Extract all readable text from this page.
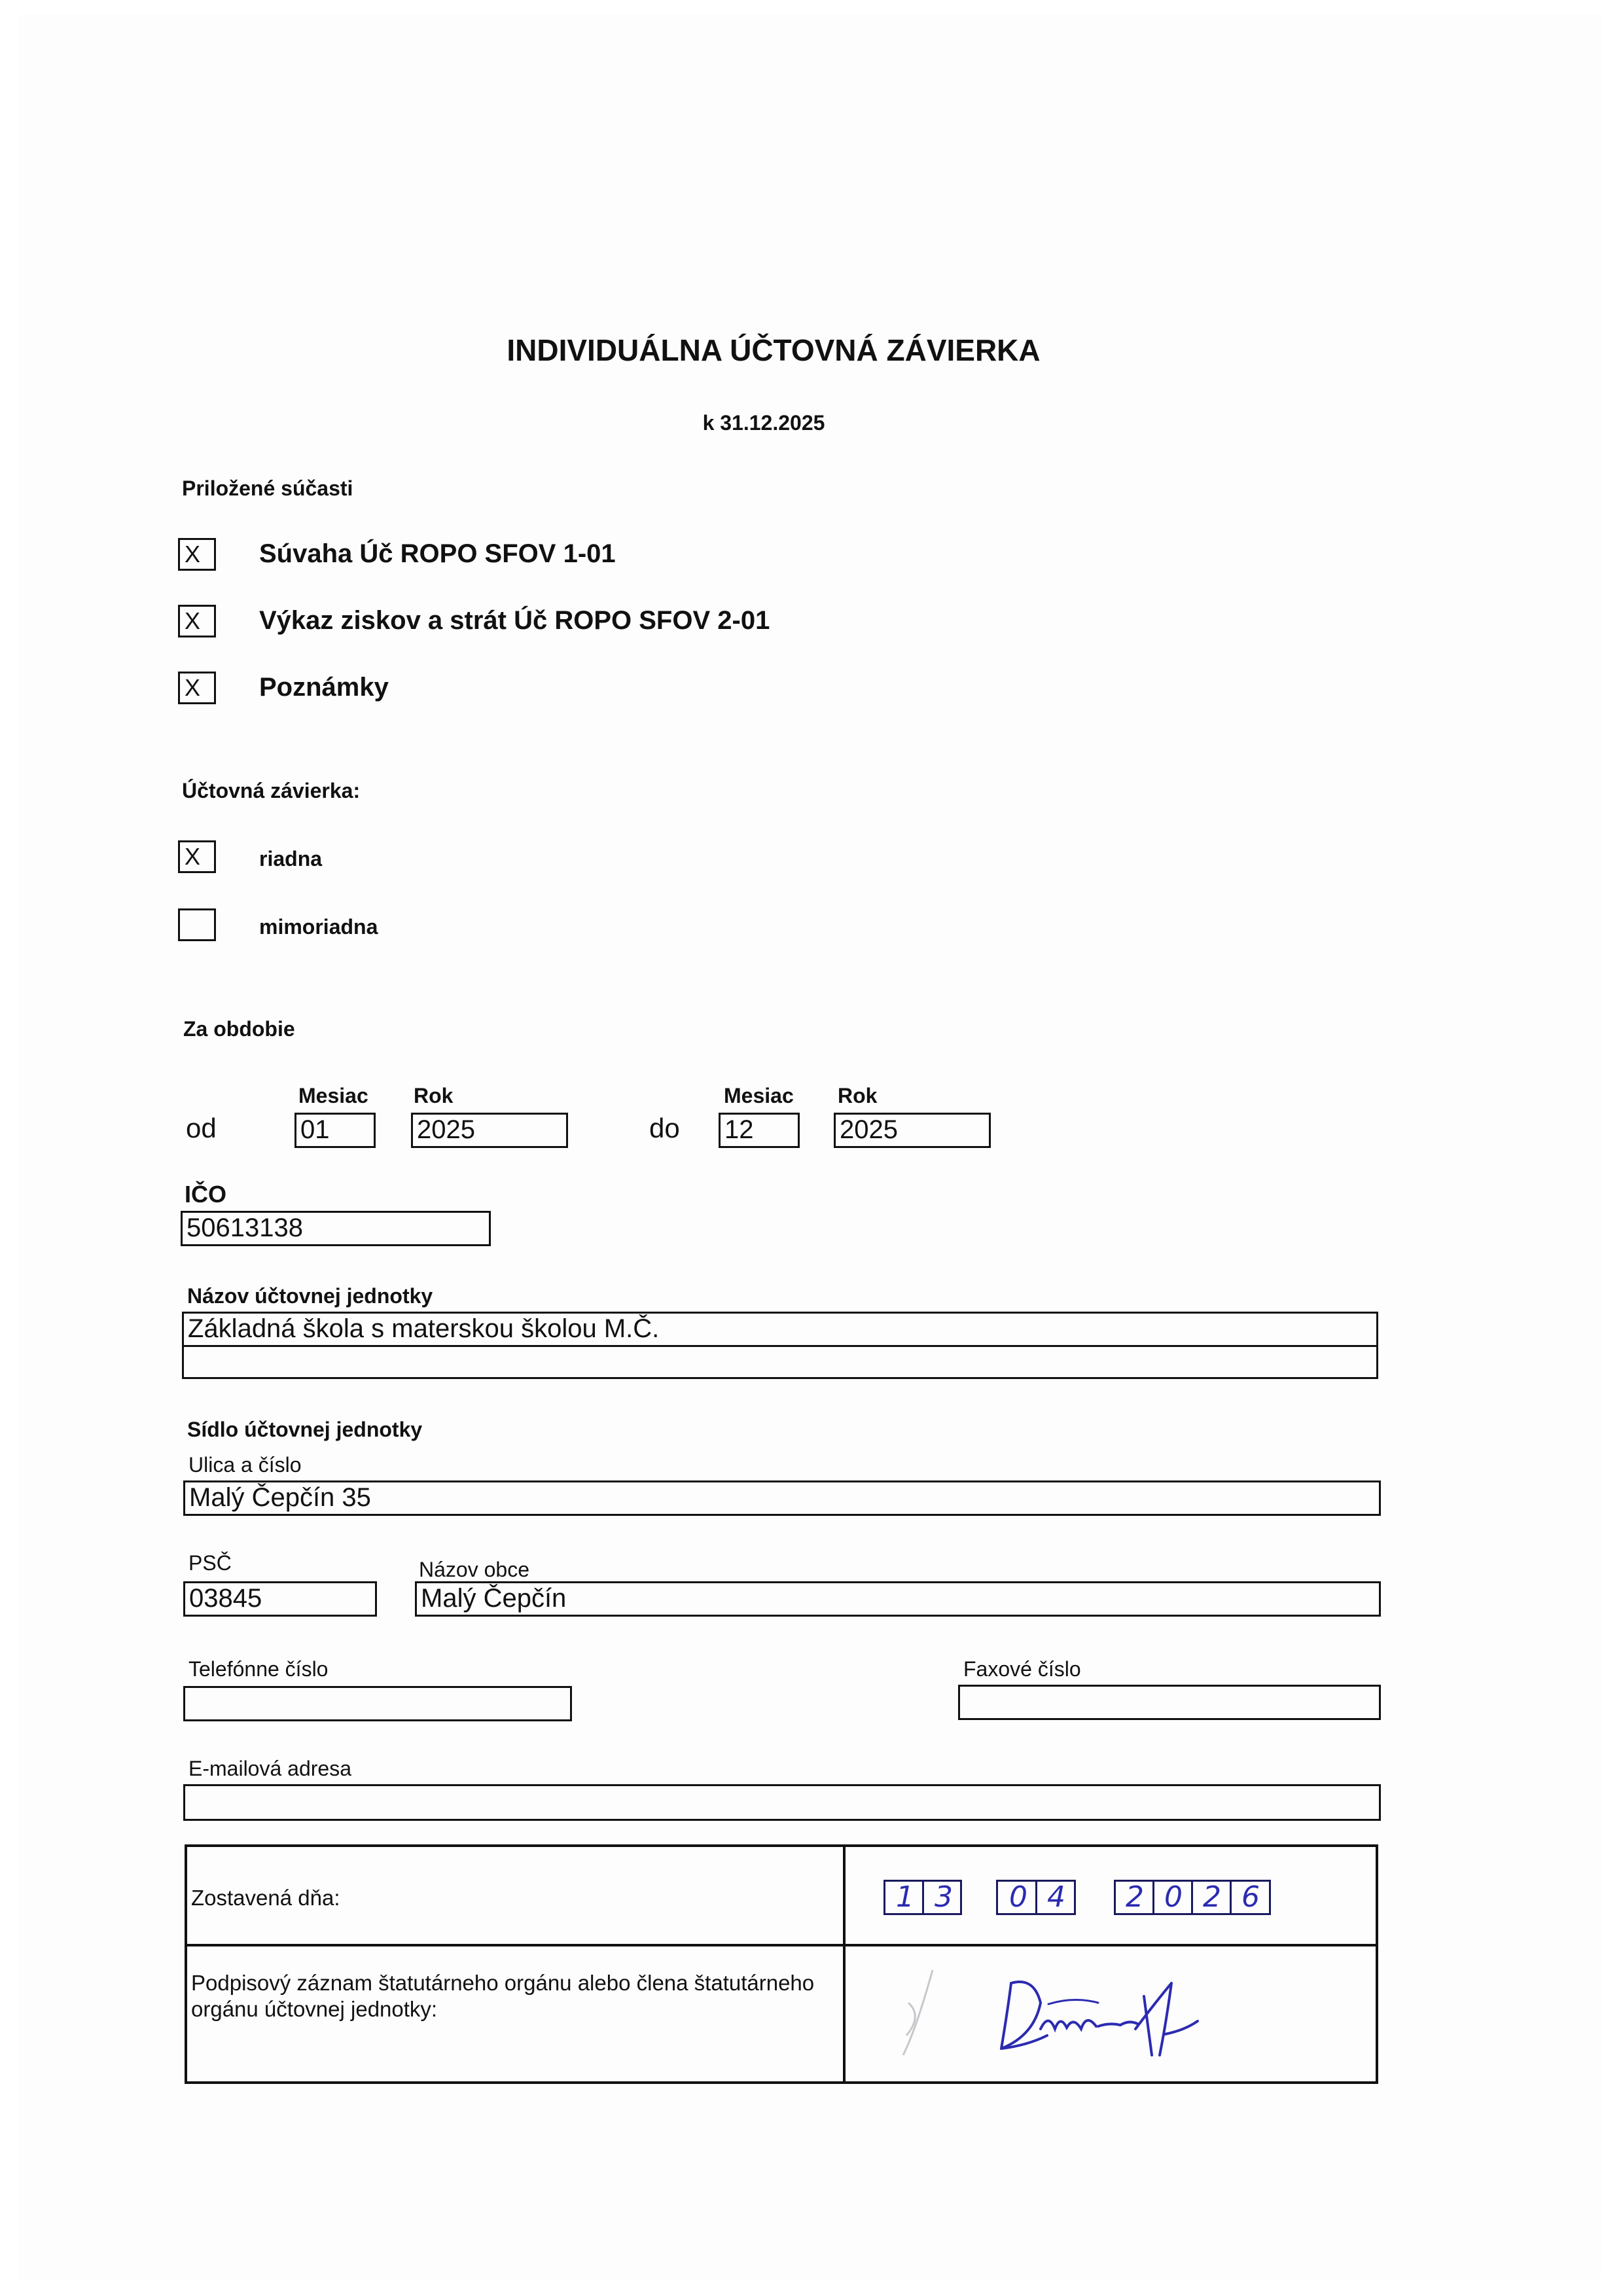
INDIVIDUÁLNA ÚČTOVNÁ ZÁVIERKA
k 31.12.2025
Priložené súčasti
X	Súvaha Úč ROPO SFOV 1-01
X	Výkaz ziskov a strát Úč ROPO SFOV 2-01
X	Poznámky
Účtovná závierka:
X	riadna
mimoriadna
Za obdobie
Mesiac Rok	Mesiac Rok
od	01	2025	do 12	2025
IČO
50613138
Názov účtovnej jednotky
Základná škola s materskou školou M.Č.
Sídlo účtovnej jednotky
Ulica a číslo
Malý Čepčín 35
PSČ
03845
Názov obce
Malý Čepčín
Telefónne číslo	Faxové číslo
E-mailová adresa
Zostavená dňa:	1 3 0 4 2 0 2 6
Podpisový záznam štatutárneho orgánu alebo člena štatutárneho
orgánu účtovnej jednotky:
